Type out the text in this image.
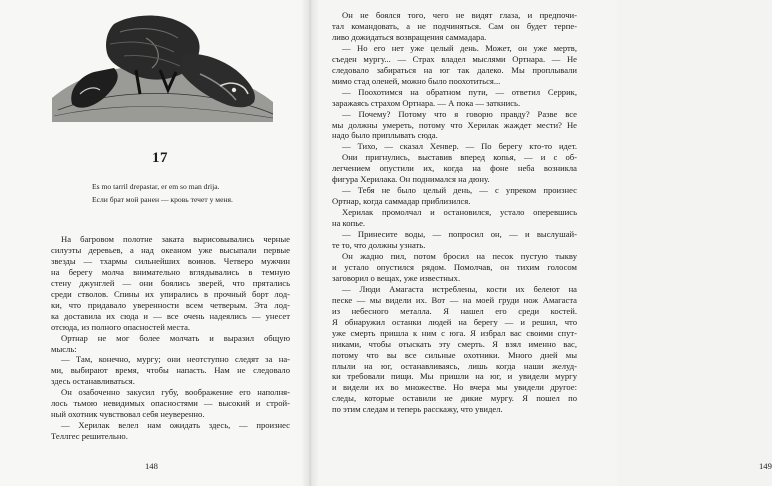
17
Es mo tarril drepastar, er em so man drija.
Если брат мой ранен — кровь течет у меня.
На багровом полотне заката вырисовывались черные
силуэты деревьев, а над океаном уже высыпали первые
звезды — тхармы сильнейших воинов. Четверо мужчин
на берегу молча внимательно вглядывались в темную
стену джунглей — они боялись зверей, что прятались
среди стволов. Спины их упирались в прочный борт лод-
ки, что придавало уверенности всем четверым. Эта лод-
ка доставила их сюда и — все очень надеялись — унесет
отсюда, из полного опасностей места.
Ортнар не мог более молчать и выразил общую
мысль:
— Там, конечно, мургу; они неотступно следят за на-
ми, выбирают время, чтобы напасть. Нам не следовало
здесь останавливаться.
Он озабоченно закусил губу, воображение его наполня-
лось тьмою невидимых опасностями — высокий и строй-
ный охотник чувствовал себя неуверенно.
— Херилак велел нам ожидать здесь, — произнес
Теллгес решительно.
148
Он не боялся того, чего не видят глаза, и предпочи-
тал командовать, а не подчиняться. Сам он будет терпе-
ливо дожидаться возвращения саммадара.
— Но его нет уже целый день. Может, он уже мертв,
съеден мургу... — Страх владел мыслями Ортнара. — Не
следовало забираться на юг так далеко. Мы проплывали
мимо стад оленей, можно было поохотиться...
— Поохотимся на обратном пути, — ответил Серрик,
заражаясь страхом Ортнара. — А пока — заткнись.
— Почему? Потому что я говорю правду? Разве все
мы должны умереть, потому что Херилак жаждет мести? Не
надо было приплывать сюда.
— Тихо, — сказал Хенвер. — По берегу кто-то идет.
Они пригнулись, выставив вперед копья, — и с об-
легчением опустили их, когда на фоне неба возникла
фигура Херилака. Он поднимался на дюну.
— Тебя не было целый день, — с упреком произнес
Ортнар, когда саммадар приблизился.
Херилак промолчал и остановился, устало оперевшись
на копье.
— Принесите воды, — попросил он, — и выслушай-
те то, что должны узнать.
Он жадно пил, потом бросил на песок пустую тыкву
и устало опустился рядом. Помолчав, он тихим голосом
заговорил о вещах, уже известных.
— Люди Амагаста истреблены, кости их белеют на
песке — мы видели их. Вот — на моей груди нож Амагаста
из небесного металла. Я нашел его среди костей.
Я обнаружил останки людей на берегу — и решил, что
уже смерть пришла к ним с юга. Я избрал вас своими спут-
никами, чтобы отыскать эту смерть. Я взял именно вас,
потому что вы все сильные охотники. Много дней мы
плыли на юг, останавливаясь, лишь когда наши желуд-
ки требовали пищи. Мы пришли на юг, и увидели мургу
и видели их во множестве. Но вчера мы увидели другое:
следы, которые оставили не дикие мургу. Я пошел по
по этим следам и теперь расскажу, что увидел.
149
